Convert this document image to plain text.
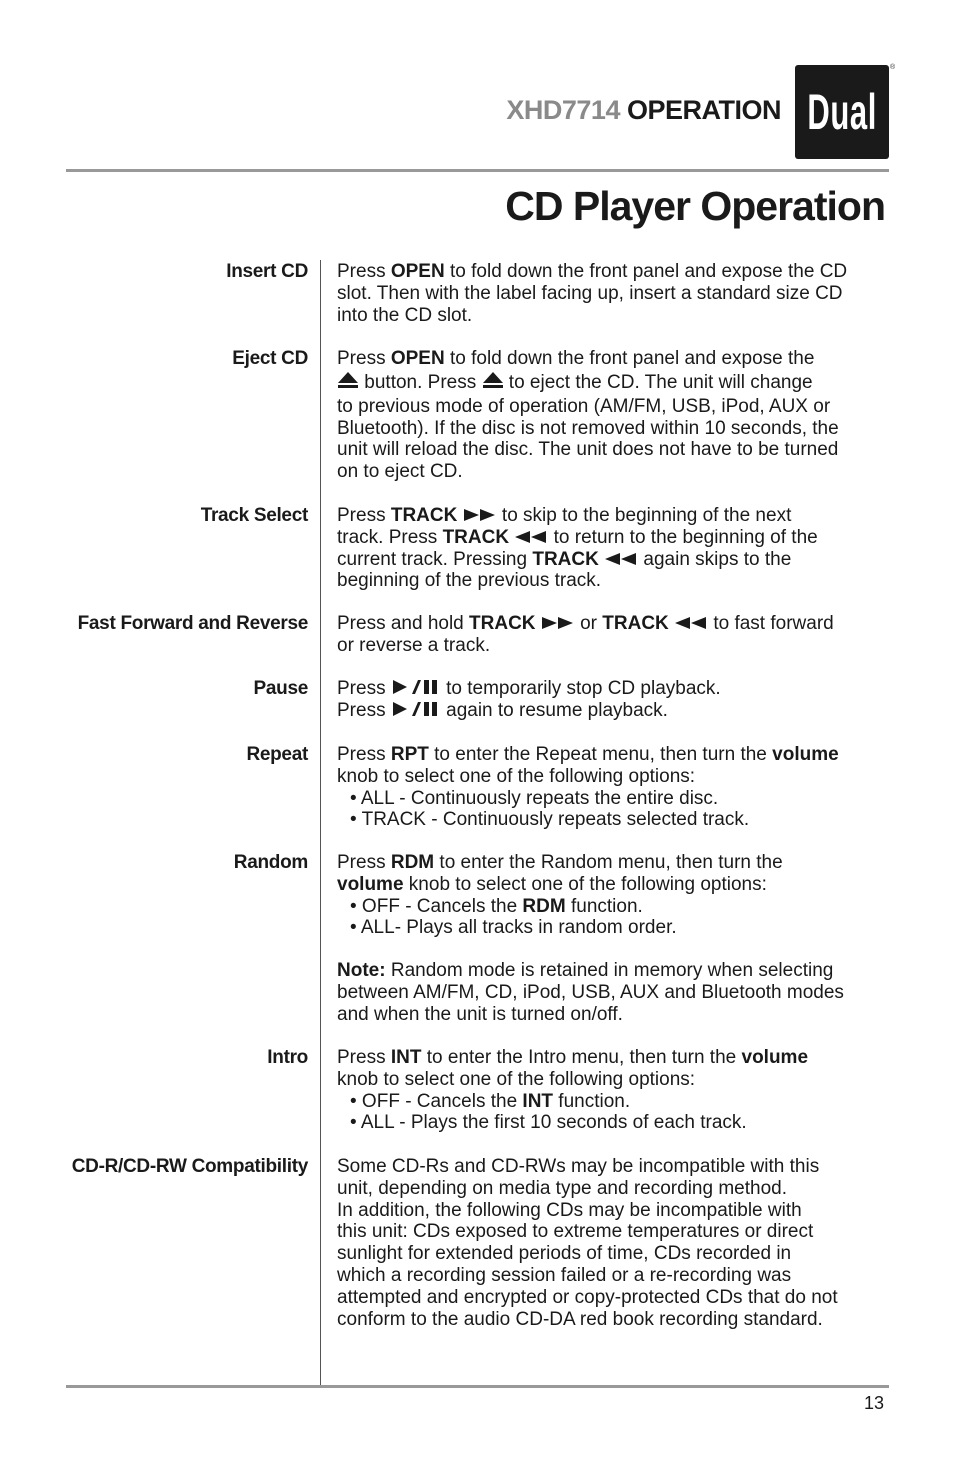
XHD7714 OPERATION Dual
®
CD Player Operation
Insert CD Press OPEN to fold down the front panel and expose the CD
slot. Then with the label facing up, insert a standard size CD
into the CD slot.
Eject CD Press OPEN to fold down the front panel and expose the
button. Press  to eject the CD. The unit will change
to previous mode of operation (AM/FM, USB, iPod, AUX or
Bluetooth). If the disc is not removed within 10 seconds, the
unit will reload the disc. The unit does not have to be turned
on to eject CD.
Track Select Press TRACK  to skip to the beginning of the next
track. Press TRACK  to return to the beginning of the
current track. Pressing TRACK  again skips to the
beginning of the previous track.
Fast Forward and Reverse Press and hold TRACK  or TRACK  to fast forward
or reverse a track.
Pause Press	to temporarily stop CD playback.
Press	again to resume playback.
Repeat Press RPT to enter the Repeat menu, then turn the volume
knob to select one of the following options:
• ALL - Continuously repeats the entire disc.
• TRACK - Continuously repeats selected track.
Random Press RDM to enter the Random menu, then turn the
volume knob to select one of the following options:
• OFF - Cancels the RDM function.
• ALL- Plays all tracks in random order.
Note: Random mode is retained in memory when selecting
between AM/FM, CD, iPod, USB, AUX and Bluetooth modes
and when the unit is turned on/off.
Intro Press INT to enter the Intro menu, then turn the volume
knob to select one of the following options:
• OFF - Cancels the INT function.
• ALL - Plays the first 10 seconds of each track.
CD-R/CD-RW Compatibility Some CD-Rs and CD-RWs may be incompatible with this
unit, depending on media type and recording method.
In addition, the following CDs may be incompatible with
this unit: CDs exposed to extreme temperatures or direct
sunlight for extended periods of time, CDs recorded in
which a recording session failed or a re-recording was
attempted and encrypted or copy-protected CDs that do not
conform to the audio CD-DA red book recording standard.
13
